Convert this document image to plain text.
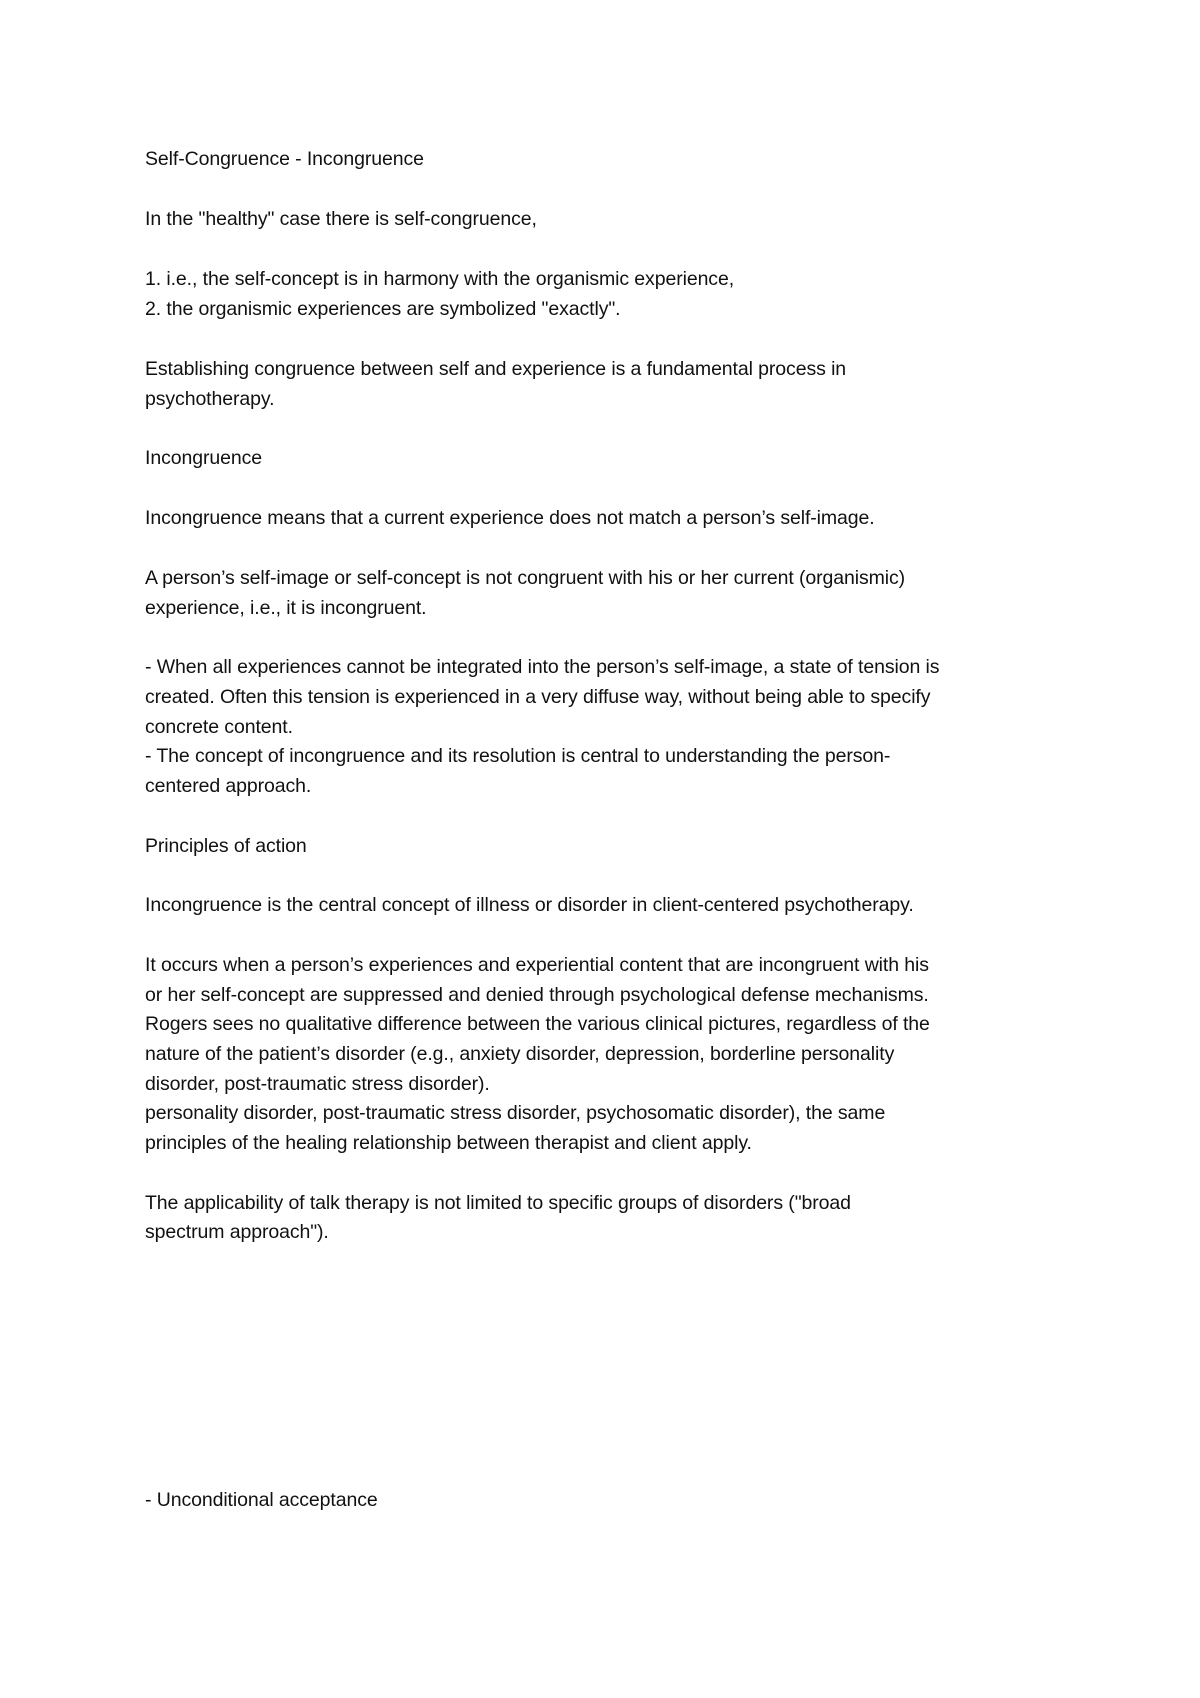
Self-Congruence - Incongruence
In the "healthy" case there is self-congruence,
1. i.e., the self-concept is in harmony with the organismic experience,
2. the organismic experiences are symbolized "exactly".
Establishing congruence between self and experience is a fundamental process in
psychotherapy.
Incongruence
Incongruence means that a current experience does not match a person’s self-image.
A person’s self-image or self-concept is not congruent with his or her current (organismic)
experience, i.e., it is incongruent.
- When all experiences cannot be integrated into the person’s self-image, a state of tension is
created. Often this tension is experienced in a very diffuse way, without being able to specify
concrete content.
- The concept of incongruence and its resolution is central to understanding the person-
centered approach.
Principles of action
Incongruence is the central concept of illness or disorder in client-centered psychotherapy.
It occurs when a person’s experiences and experiential content that are incongruent with his
or her self-concept are suppressed and denied through psychological defense mechanisms.
Rogers sees no qualitative difference between the various clinical pictures, regardless of the
nature of the patient’s disorder (e.g., anxiety disorder, depression, borderline personality
disorder, post-traumatic stress disorder).
personality disorder, post-traumatic stress disorder, psychosomatic disorder), the same
principles of the healing relationship between therapist and client apply.
The applicability of talk therapy is not limited to specific groups of disorders ("broad
spectrum approach").
- Unconditional acceptance
